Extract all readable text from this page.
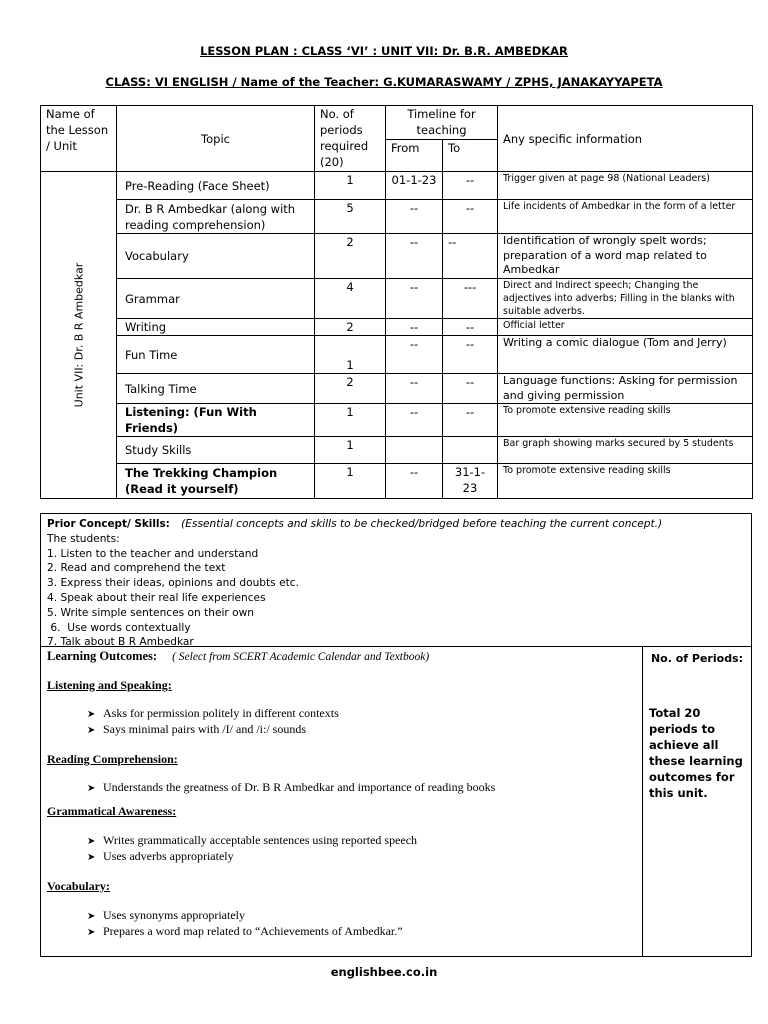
LESSON PLAN : CLASS ‘VI’ : UNIT VII: Dr. B.R. AMBEDKAR
CLASS: VI ENGLISH / Name of the Teacher: G.KUMARASWAMY / ZPHS, JANAKAYYAPETA
Name of the Lesson / Unit	Topic	No. of periods required (20)	Timeline for teaching		Any specific information
			From	To	

Unit VII: Dr. B R Ambedkar	Pre-Reading (Face Sheet)	1	01-1-23	--	Trigger given at page 98 (National Leaders)
	Dr. B R Ambedkar (along with reading comprehension)	5	--	--	Life incidents of Ambedkar in the form of a letter
	Vocabulary	2	--	--	Identification of wrongly spelt words; preparation of a word map related to Ambedkar
	Grammar	4	--	---	Direct and Indirect speech; Changing the adjectives into adverbs; Filling in the blanks with suitable adverbs.
	Writing	2	--	--	Official letter
	Fun Time	1	--	--	Writing a comic dialogue (Tom and Jerry)
	Talking Time	2	--	--	Language functions: Asking for permission and giving permission
	Listening: (Fun With Friends)	1	--	--	To promote extensive reading skills
	Study Skills	1			Bar graph showing marks secured by 5 students
	The Trekking Champion (Read it yourself)	1	--	31-1-23	To promote extensive reading skills
Prior Concept/ Skills: (Essential concepts and skills to be checked/bridged before teaching the current concept.)
The students:
1. Listen to the teacher and understand
2. Read and comprehend the text
3. Express their ideas, opinions and doubts etc.
4. Speak about their real life experiences
5. Write simple sentences on their own
6.  Use words contextually
7. Talk about B R Ambedkar
Learning Outcomes: ( Select from SCERT Academic Calendar and Textbook)
Listening and Speaking:
➤ Asks for permission politely in different contexts
➤ Says minimal pairs with /I/ and /i:/ sounds
Reading Comprehension:
➤ Understands the greatness of Dr. B R Ambedkar and importance of reading books
Grammatical Awareness:
➤ Writes grammatically acceptable sentences using reported speech
➤ Uses adverbs appropriately
Vocabulary:
➤ Uses synonyms appropriately
➤ Prepares a word map related to “Achievements of Ambedkar.”
No. of Periods:
Total 20 periods to achieve all these learning outcomes for this unit.
englishbee.co.in
